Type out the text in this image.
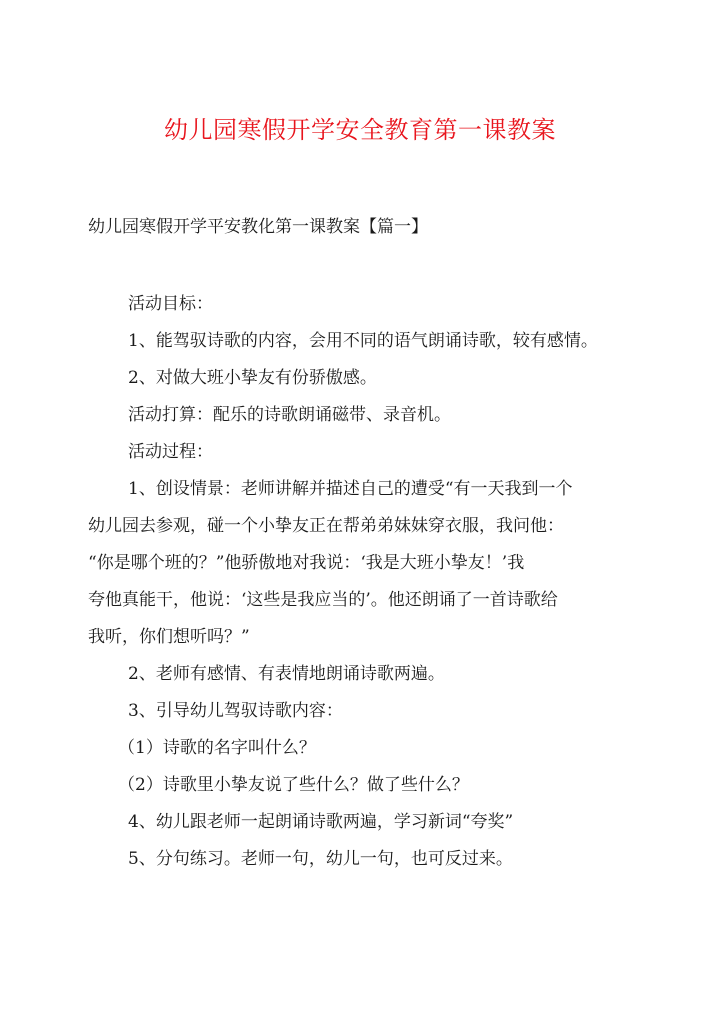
幼儿园寒假开学安全教育第一课教案

幼儿园寒假开学平安教化第一课教案【篇一】

活动目标：
1、能驾驭诗歌的内容，会用不同的语气朗诵诗歌，较有感情。
2、对做大班小挚友有份骄傲感。
活动打算：配乐的诗歌朗诵磁带、录音机。
活动过程：
1、创设情景：老师讲解并描述自己的遭受“有一天我到一个
幼儿园去参观，碰一个小挚友正在帮弟弟妹妹穿衣服，我问他：
“你是哪个班的？”他骄傲地对我说：‘我是大班小挚友！’我
夸他真能干，他说：‘这些是我应当的’。他还朗诵了一首诗歌给
我听，你们想听吗？”
2、老师有感情、有表情地朗诵诗歌两遍。
3、引导幼儿驾驭诗歌内容：
（1）诗歌的名字叫什么？
（2）诗歌里小挚友说了些什么？做了些什么？
4、幼儿跟老师一起朗诵诗歌两遍，学习新词“夸奖”
5、分句练习。老师一句，幼儿一句，也可反过来。
